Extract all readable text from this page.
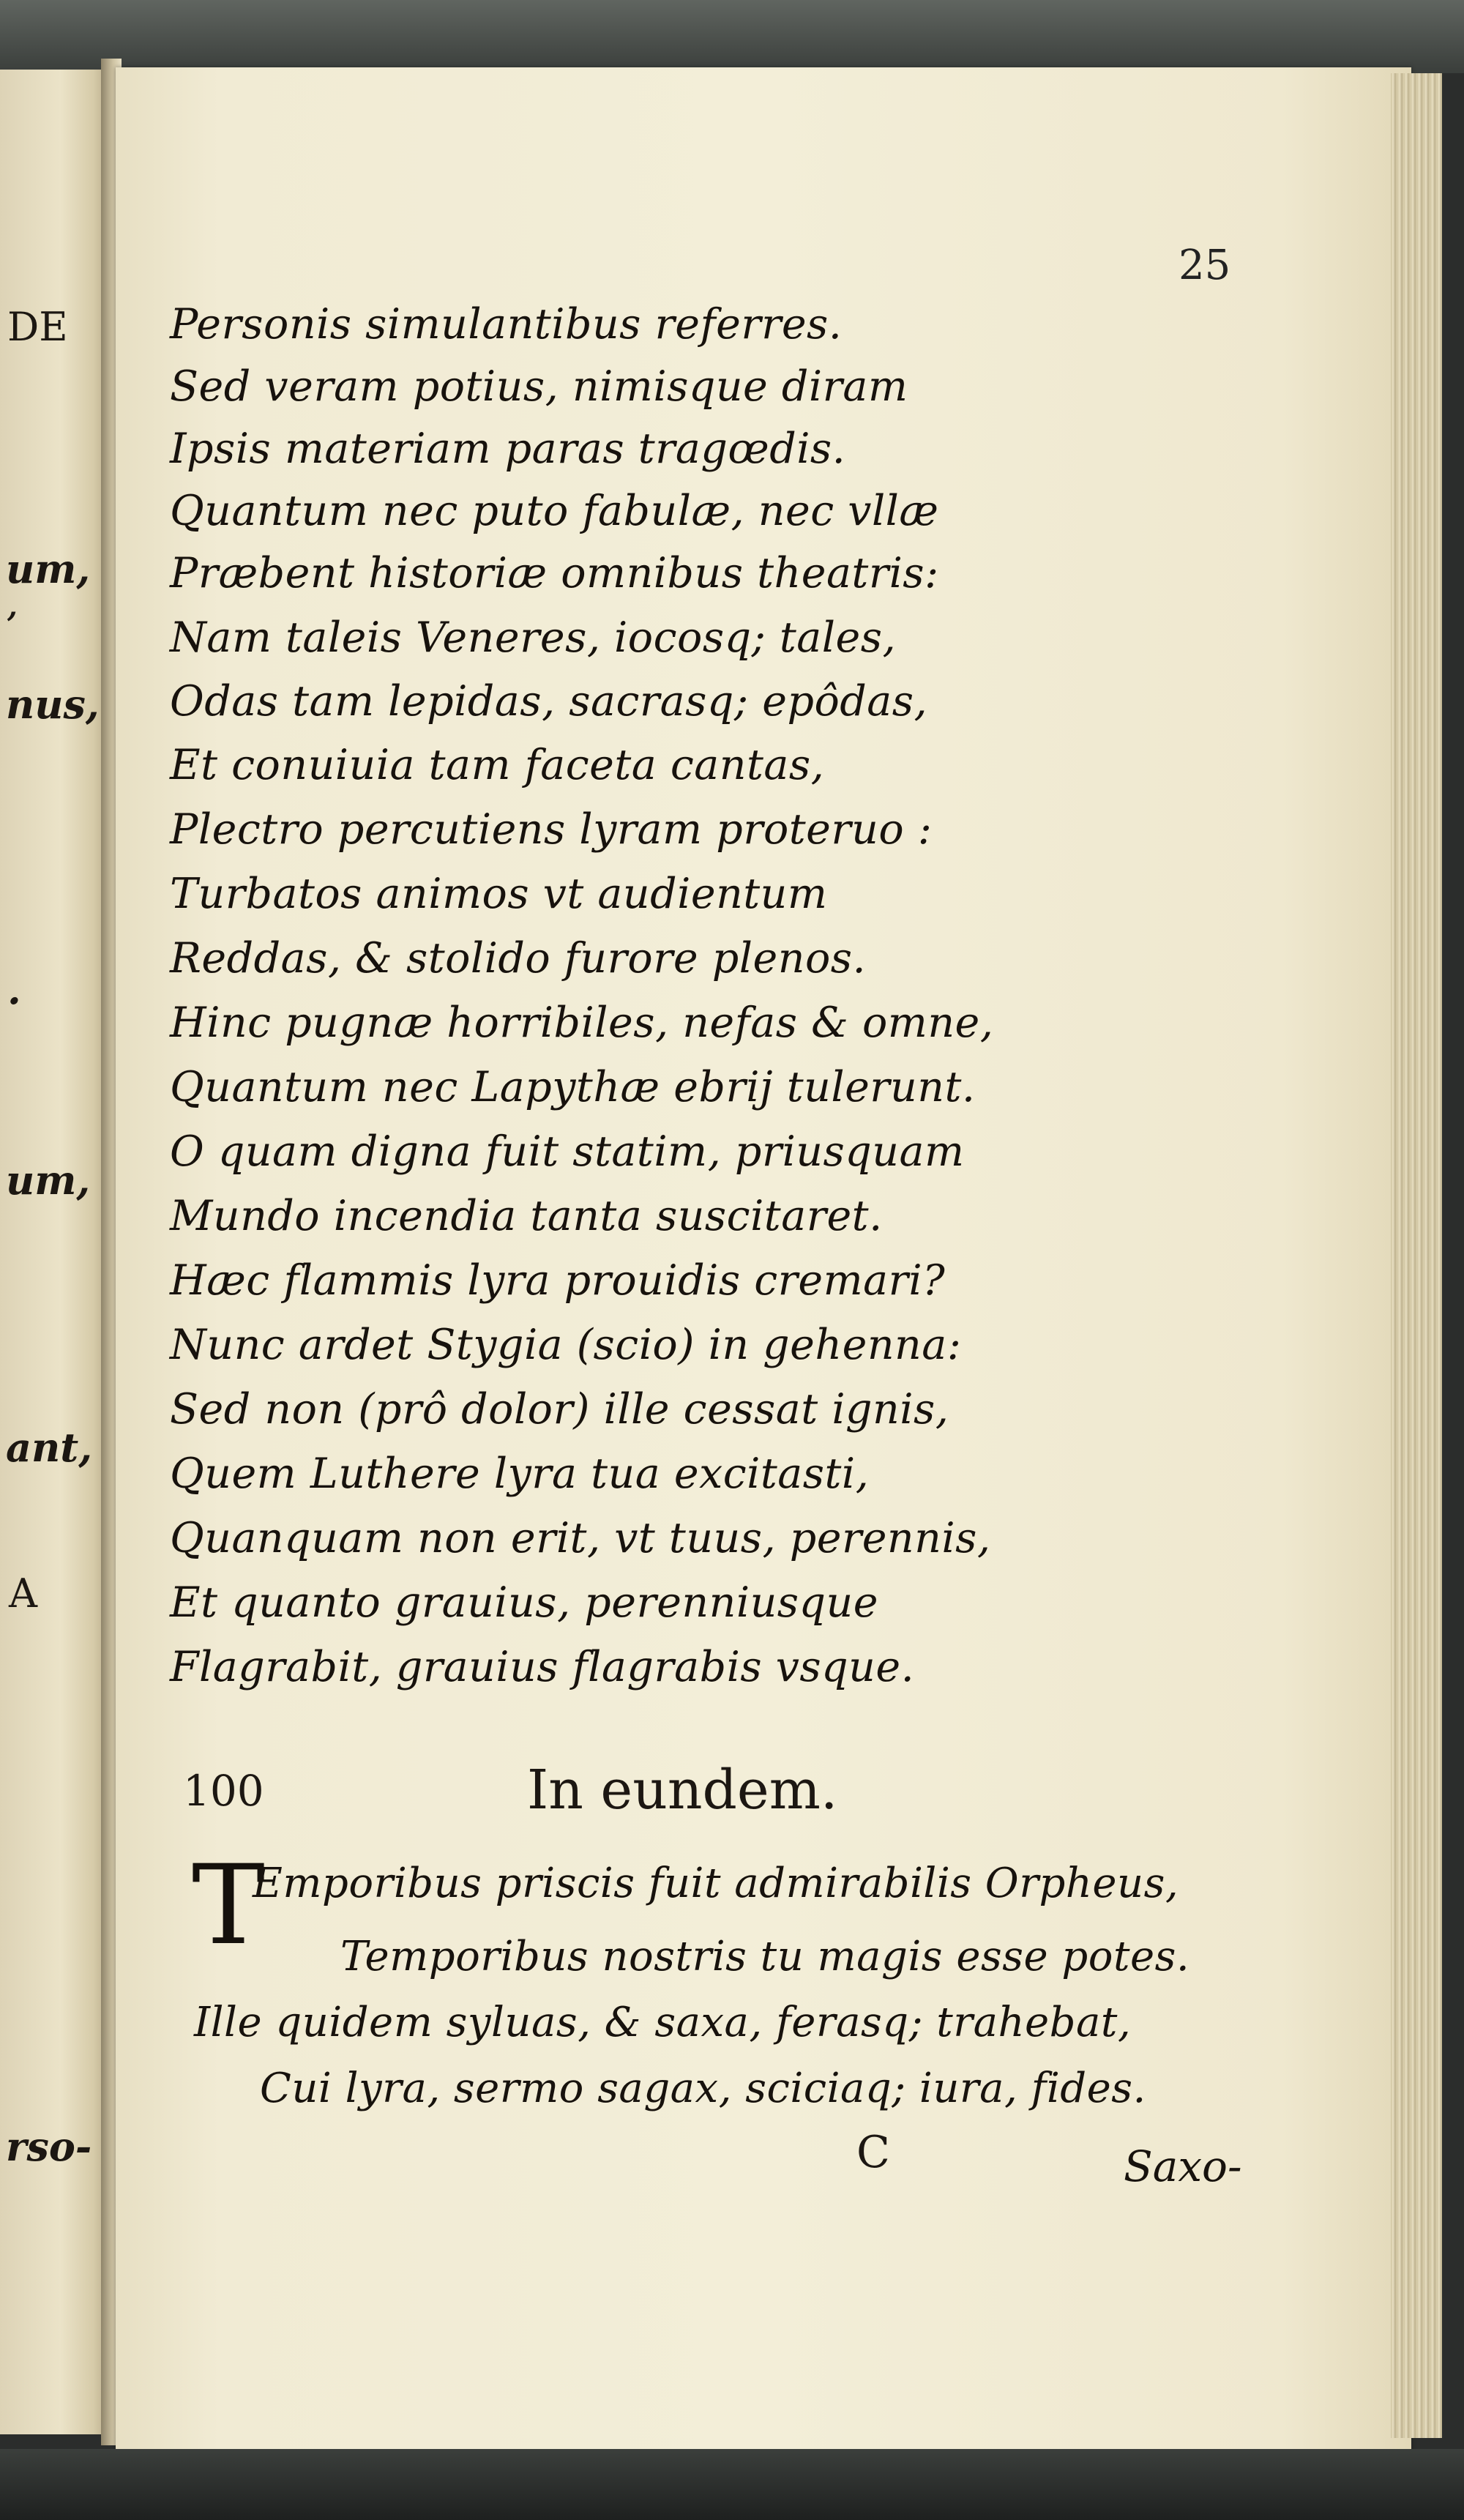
DE
um,
,
nus,
.
um,
ant,
A
rso-
25
Personis simulantibus referres.
Sed veram potius, nimisque diram
Ipsis materiam paras tragœdis.
Quantum nec puto fabulæ, nec vllæ
Præbent historiæ omnibus theatris:
Nam taleis Veneres, iocosq; tales,
Odas tam lepidas, sacrasq; epôdas,
Et conuiuia tam faceta cantas,
Plectro percutiens lyram proteruo :
Turbatos animos vt audientum
Reddas, & stolido furore plenos.
Hinc pugnæ horribiles, nefas & omne,
Quantum nec Lapythæ ebrij tulerunt.
O quam digna fuit statim, priusquam
Mundo incendia tanta suscitaret.
Hæc flammis lyra prouidis cremari?
Nunc ardet Stygia (scio) in gehenna:
Sed non (prô dolor) ille cessat ignis,
Quem Luthere lyra tua excitasti,
Quanquam non erit, vt tuus, perennis,
Et quanto grauius, perenniusque
Flagrabit, grauius flagrabis vsque.
100	In eundem.
T
Emporibus priscis fuit admirabilis Orpheus,
Temporibus nostris tu magis esse potes.
Ille quidem syluas, & saxa, ferasq; trahebat,
Cui lyra, sermo sagax, sciciaq; iura, fides.
C	Saxo-
